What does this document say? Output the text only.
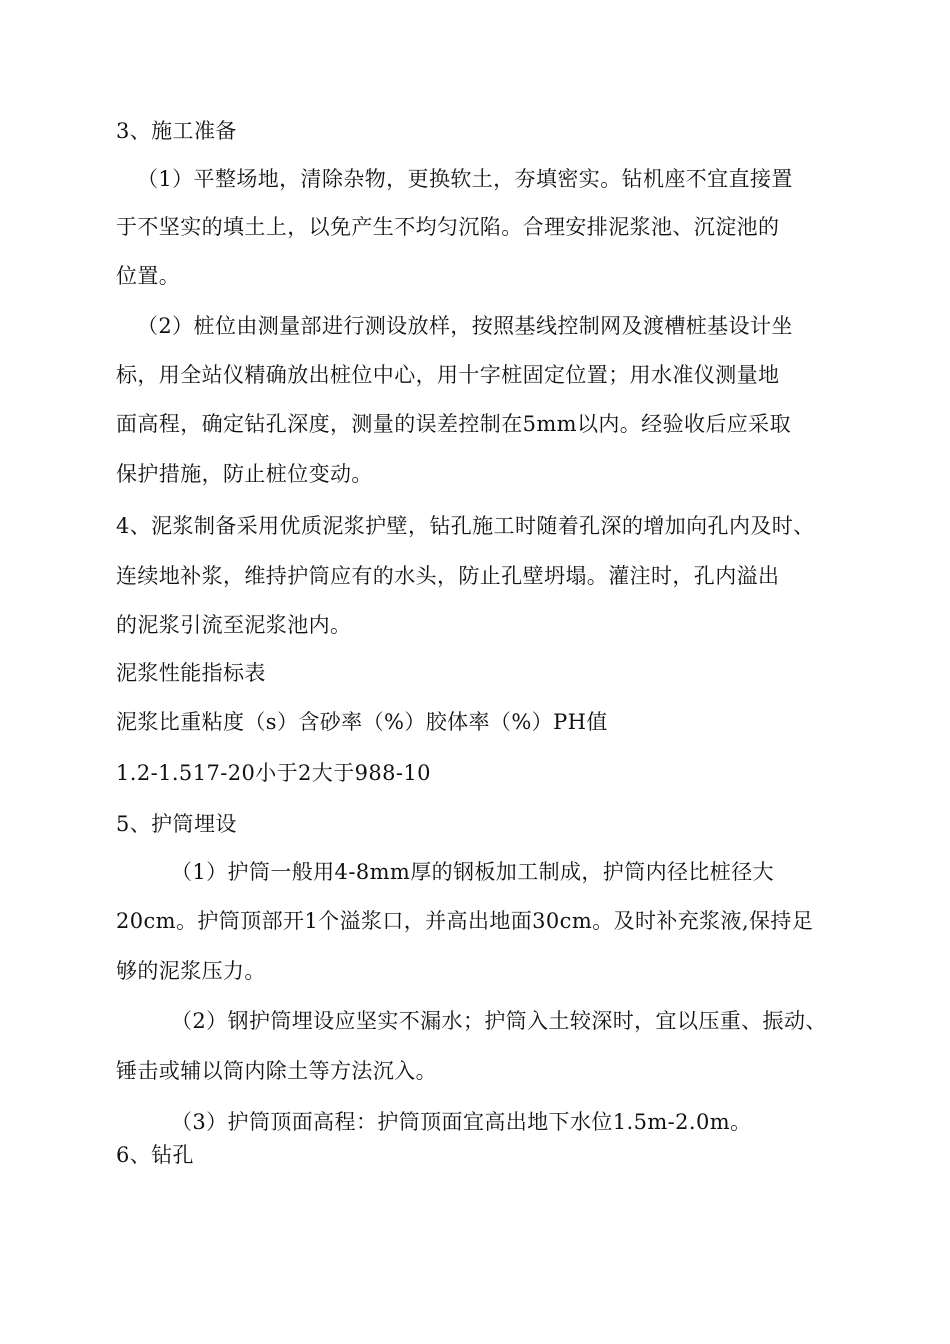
3、施工准备
（1）平整场地，清除杂物，更换软土，夯填密实。钻机座不宜直接置
于不坚实的填土上，以免产生不均匀沉陷。合理安排泥浆池、沉淀池的
位置。
（2）桩位由测量部进行测设放样，按照基线控制网及渡槽桩基设计坐
标，用全站仪精确放出桩位中心，用十字桩固定位置；用水准仪测量地
面高程，确定钻孔深度，测量的误差控制在5mm以内。经验收后应采取
保护措施，防止桩位变动。
4、泥浆制备采用优质泥浆护壁，钻孔施工时随着孔深的增加向孔内及时、
连续地补浆，维持护筒应有的水头，防止孔壁坍塌。灌注时，孔内溢出
的泥浆引流至泥浆池内。
泥浆性能指标表
泥浆比重粘度（s）含砂率（%）胶体率（%）PH值
1.2-1.517-20小于2大于988-10
5、护筒埋设
（1）护筒一般用4-8mm厚的钢板加工制成，护筒内径比桩径大
20cm。护筒顶部开1个溢浆口，并高出地面30cm。及时补充浆液,保持足
够的泥浆压力。
（2）钢护筒埋设应坚实不漏水；护筒入土较深时，宜以压重、振动、
锤击或辅以筒内除土等方法沉入。
（3）护筒顶面高程：护筒顶面宜高出地下水位1.5m-2.0m。
6、钻孔
